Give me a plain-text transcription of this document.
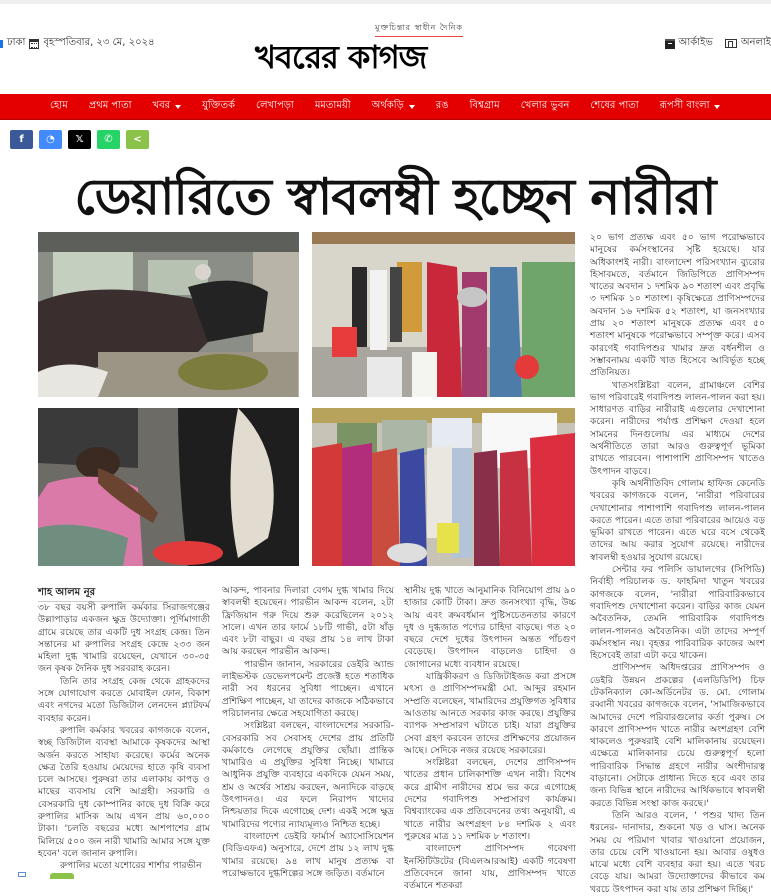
ঢাকা বৃহস্পতিবার, ২৩ মে, ২০২৪
মুক্তচিন্তার স্বাধীন দৈনিক
খবরের কাগজ	আর্কাইভ	অনলাই
হোম প্রথম পাতা খবর	যুক্তিতর্ক লেখাপড়া মমতাময়ী অর্থকড়ি	রঙ বিশ্বগ্রাম খেলার ভুবন শেষের পাতা রূপসী বাংলা
f ◔ 𝕏 ✆ <
ডেয়ারিতে স্বাবলম্বী হচ্ছেন নারীরা
শাহ আলম নূর

৩৮ বছর বয়সী রুপালি কর্মকার সিরাজগঞ্জের উল্লাপাড়ার একজন ক্ষুদ্র উদ্যোক্তা। পূর্ণিমাগাতী গ্রামে রয়েছে তার একটি দুধ সংগ্রহ কেন্দ্র। তিন সন্তানের মা রুপালির সংগ্রহ কেন্দ্রে ২৩৩ জন মহিলা দুগ্ধ খামারি রয়েছেন, যেখানে ৩০-৩৫ জন কৃষক দৈনিক দুধ সরবরাহ করেন।

তিনি তার সংগ্রহ কেন্দ্র থেকে গ্রাহকদের সঙ্গে যোগাযোগ করতে মোবাইল ফোন, বিকাশ এবং নগদের মতো ডিজিটাল লেনদেন প্ল্যাটফর্ম ব্যবহার করেন।

রুপালি কর্মকার খবরের কাগজকে বলেন, স্বচ্ছ ডিজিটাল ব্যবস্থা আমাকে কৃষকদের আস্থা অর্জন করতে সাহায্য করেছে। কর্মের অনেক ক্ষেত্র তৈরি হওয়ায় মেয়েদের হাতে কৃষি ব্যবসা চলে আসছে। পুরুষরা তার এলাকায় কাপড় ও মাছের ব্যবসায় বেশি আগ্রহী। সরকারি ও বেসরকারি দুধ কোম্পানির কাছে দুধ বিক্রি করে রুপালির মাসিক আয় এখন প্রায় ৬০,০০০ টাকা। 'চলতি বছরের মধ্যে আশপাশের গ্রাম মিলিয়ে ৫০০ জন নারী খামারি আমার সঙ্গে যুক্ত হবেন' বলে জানান রুপালি।

রুপালির মতো যশোরের শার্শার পারভীন

আকন্দ, পাবনার দিলারা বেগম দুগ্ধ খামার দিয়ে স্বাবলম্বী হয়েছেন। পারভীন আকন্দ বলেন, ২টা ফ্রিজিয়ান গরু দিয়ে শুরু করেছিলেন ২০১২ সালে। এখন তার ফার্মে ১৮টি গাভী, ৫টা ষাঁড় এবং ৮টা বাছুর। এ বছর প্রায় ১৪ লাখ টাকা আয় করছেন পারভীন আকন্দ।

পারভীন জানান, সরকারের ডেইরি অ্যান্ড লাইভস্টক ডেভেলপমেন্ট প্রজেক্ট হতে শতাধিক নারী সব ধরনের সুবিধা পাচ্ছেন। এখানে প্রশিক্ষিণ পাচ্ছেন, যা তাদের কাজকে সঠিকভাবে পরিচালনার ক্ষেত্রে সহযোগিতা করছে।

সংশ্লিষ্টরা বলছেন, বাংলাদেশের সরকারি-বেসরকারি সব সেবাসহ দেশের প্রায় প্রতিটি কর্মকাণ্ডে লেগেছে প্রযুক্তির ছোঁয়া। প্রান্তিক খামারিও এ প্রযুক্তির সুবিধা নিচ্ছে। খামারে আধুনিক প্রযুক্তি ব্যবহারে একদিকে যেমন সময়, শ্রম ও অর্থের সাশ্রয় করছেন, অন্যদিকে বাড়ছে উৎপাদনও। এর ফলে নিরাপদ খাদ্যের নিশ্চয়তার দিকে এগোচ্ছে দেশ। একই সঙ্গে ক্ষুদ্র খামারিদের পণ্যের ন্যায্যমূল্যও নিশ্চিত হচ্ছে।

বাংলাদেশ ডেইরি ফার্মার্স অ্যাসোসিয়েশন (বিডিএফএ) অনুসারে, দেশে প্রায় ১২ লাখ দুগ্ধ খামার রয়েছে। ৯৪ লাখ মানুষ প্রত্যক্ষ বা পরোক্ষভাবে দুগ্ধশিল্পের সঙ্গে জড়িত। বর্তমানে

স্থানীয় দুগ্ধ খাতে আনুমানিক বিনিয়োগ প্রায় ৯০ হাজার কোটি টাকা। দ্রুত জনসংখ্যা বৃদ্ধি, উচ্চ আয় এবং ক্রমবর্ধমান পুষ্টিসচেতনতার কারণে দুধ ও দুগ্ধজাত পণ্যের চাহিদা বাড়ছে। গত ২০ বছরে দেশে দুধের উৎপাদন অন্তত পাঁচগুণ বেড়েছে। উৎপাদন বাড়লেও চাহিদা ও জোগানের মধ্যে ব্যবধান রয়েছে।

যান্ত্রিকীকরণ ও ডিজিটাইজড করা প্রসঙ্গে মৎস্য ও প্রাণিসম্পদমন্ত্রী মো. আব্দুর রহমান সম্প্রতি বলেছেন, খামারিদের প্রযুক্তিগত সুবিধার আওতায় আনতে সরকার কাজ করছে। প্রযুক্তির ব্যাপক সম্প্রসারণ ঘটাতে চাই। যারা প্রযুক্তির সেবা গ্রহণ করবেন তাদের প্রশিক্ষণের প্রয়োজন আছে। সেদিকে নজর রয়েছে সরকারের।

সংশ্লিষ্টরা বলছেন, দেশের প্রাণিসম্পদ খাতের প্রধান চালিকাশক্তি এখন নারী। বিশেষ করে গ্রামীণ নারীদের শ্রমে ভর করে এগোচ্ছে দেশের গবাদিপশু সম্প্রসারণ কার্যক্রম। বিশ্বব্যাংকের এক প্রতিবেদনের তথ্য অনুযায়ী, এ খাতে নারীর অংশগ্রহণ ৮৪ দশমিক ২ এবং পুরুষের মাত্র ১১ দশমিক ৮ শতাংশ।

বাংলাদেশ প্রাণিসম্পদ গবেষণা ইনস্টিটিউটের (বিএলআরআই) একটি গবেষণা প্রতিবেদনে জানা যায়, প্রাণিসম্পদ খাতে বর্তমানে শতকরা

২০ ভাগ প্রত্যক্ষ এবং ৫০ ভাগ পরোক্ষভাবে মানুষের কর্মসংস্থানের সৃষ্টি হয়েছে। যার অধিকাংশই নারী। বাংলাদেশ পরিসংখ্যান ব্যুরোর হিসাবমতে, বর্তমানে জিডিপিতে প্রাণিসম্পদ খাতের অবদান ১ দশমিক ৯০ শতাংশ এবং প্রবৃদ্ধি ৩ দশমিক ১০ শতাংশ। কৃষিক্ষেত্রে প্রাণিসম্পদের অবদান ১৬ দশমিক ৫২ শতাংশ, যা জনসংখ্যার প্রায় ২০ শতাংশ মানুষকে প্রত্যক্ষ এবং ৫০ শতাংশ মানুষকে পরোক্ষভাবে সম্পৃক্ত করে। এসব কারণেই গবাদিপশুর খামার দ্রুত বর্ধনশীল ও সম্ভাবনাময় একটি খাত হিসেবে আবির্ভূত হচ্ছে প্রতিনিয়ত।

খাতসংশ্লিষ্টরা বলেন, গ্রামাঞ্চলে বেশির ভাগ পরিবারেই গবাদিপশু লালন-পালন করা হয়। সাধারণত বাড়ির নারীরাই এগুলোর দেখাশোনা করেন। নারীদের পর্যাপ্ত প্রশিক্ষণ দেওয়া হলে সামনের দিনগুলোয় এর মাধ্যমে দেশের অর্থনীতিতে তারা আরও গুরুত্বপূর্ণ ভূমিকা রাখতে পারবেন। পাশাপাশি প্রাণিসম্পদ খাতেও উৎপাদন বাড়বে।

কৃষি অর্থনীতিবিদ গোলাম হাফিজ কেনেডি খবরের কাগজকে বলেন, 'নারীরা পরিবারের দেখাশোনার পাশাপাশি গবাদিপশু লালন-পালন করতে পারেন। এতে তারা পরিবারের আয়েও বড় ভূমিকা রাখতে পারেন। এতে ঘরে বসে থেকেই তাদের আয় করার সুযোগ রয়েছে। নারীদের স্বাবলম্বী হওয়ার সুযোগ রয়েছে।

সেন্টার ফর পলিসি ডায়ালগের (সিপিডি) নির্বাহী পরিচালক ড. ফাহমিদা খাতুন খবরের কাগজকে বলেন, 'নারীরা পারিবারিকভাবে গবাদিপশু দেখাশোনা করেন। বাড়ির কাজ যেমন অবৈতনিক, তেমনি পারিবারিক গবাদিপশু লালন-পালনও অবৈতনিক। এটা তাদের সম্পূর্ণ কর্মসংস্থান নয়। বৃহত্তর পারিবারিক কাজের অংশ হিসেবেই তারা এটা করে থাকেন।

প্রাণিসম্পদ অধিদপ্তরের প্রাণিসম্পদ ও ডেইরি উন্নয়ন প্রকল্পের (এলডিডিপি) চিফ টেকনিক্যাল কো-অর্ডিনেটর ড. মো. গোলাম রব্বানী খবরের কাগজকে বলেন, 'সামাজিকভাবে আমাদের দেশে পরিবারগুলোর কর্তা পুরুষ। সে কারণে প্রাণিসম্পদ খাতে নারীর অংশগ্রহণ বেশি থাকলেও পুরুষরাই বেশি মালিকানায় রয়েছেন। এক্ষেত্রে মালিকানার চেয়ে গুরুত্বপূর্ণ হলো পারিবারিক সিদ্ধান্ত গ্রহণে নারীর অংশীদারত্ব বাড়ানো। সেটাকে প্রাধান্য দিতে হবে এবং তার জন্য বিভিন্ন স্থানে নারীদের আর্থিকভাবে স্বাবলম্বী করতে বিভিন্ন সংস্থা কাজ করছে।'

তিনি আরও বলেন, ' পশুর খাদ্য তিন ধরনের- দানাদার, শুকনো খড় ও ঘাস। অনেক সময় যে পরিমাণ খাবার খাওয়ানো প্রয়োজন, তার চেয়ে বেশি খাওয়ানো হয়। আবার ওষুধও মাঝে মধ্যে বেশি ব্যবহার করা হয়। এতে খরচ বেড়ে যায়। আমরা উদ্যোক্তাদের কীভাবে কম খরচে উৎপাদন করা যায় তার প্রশিক্ষণ দিচ্ছি।'
